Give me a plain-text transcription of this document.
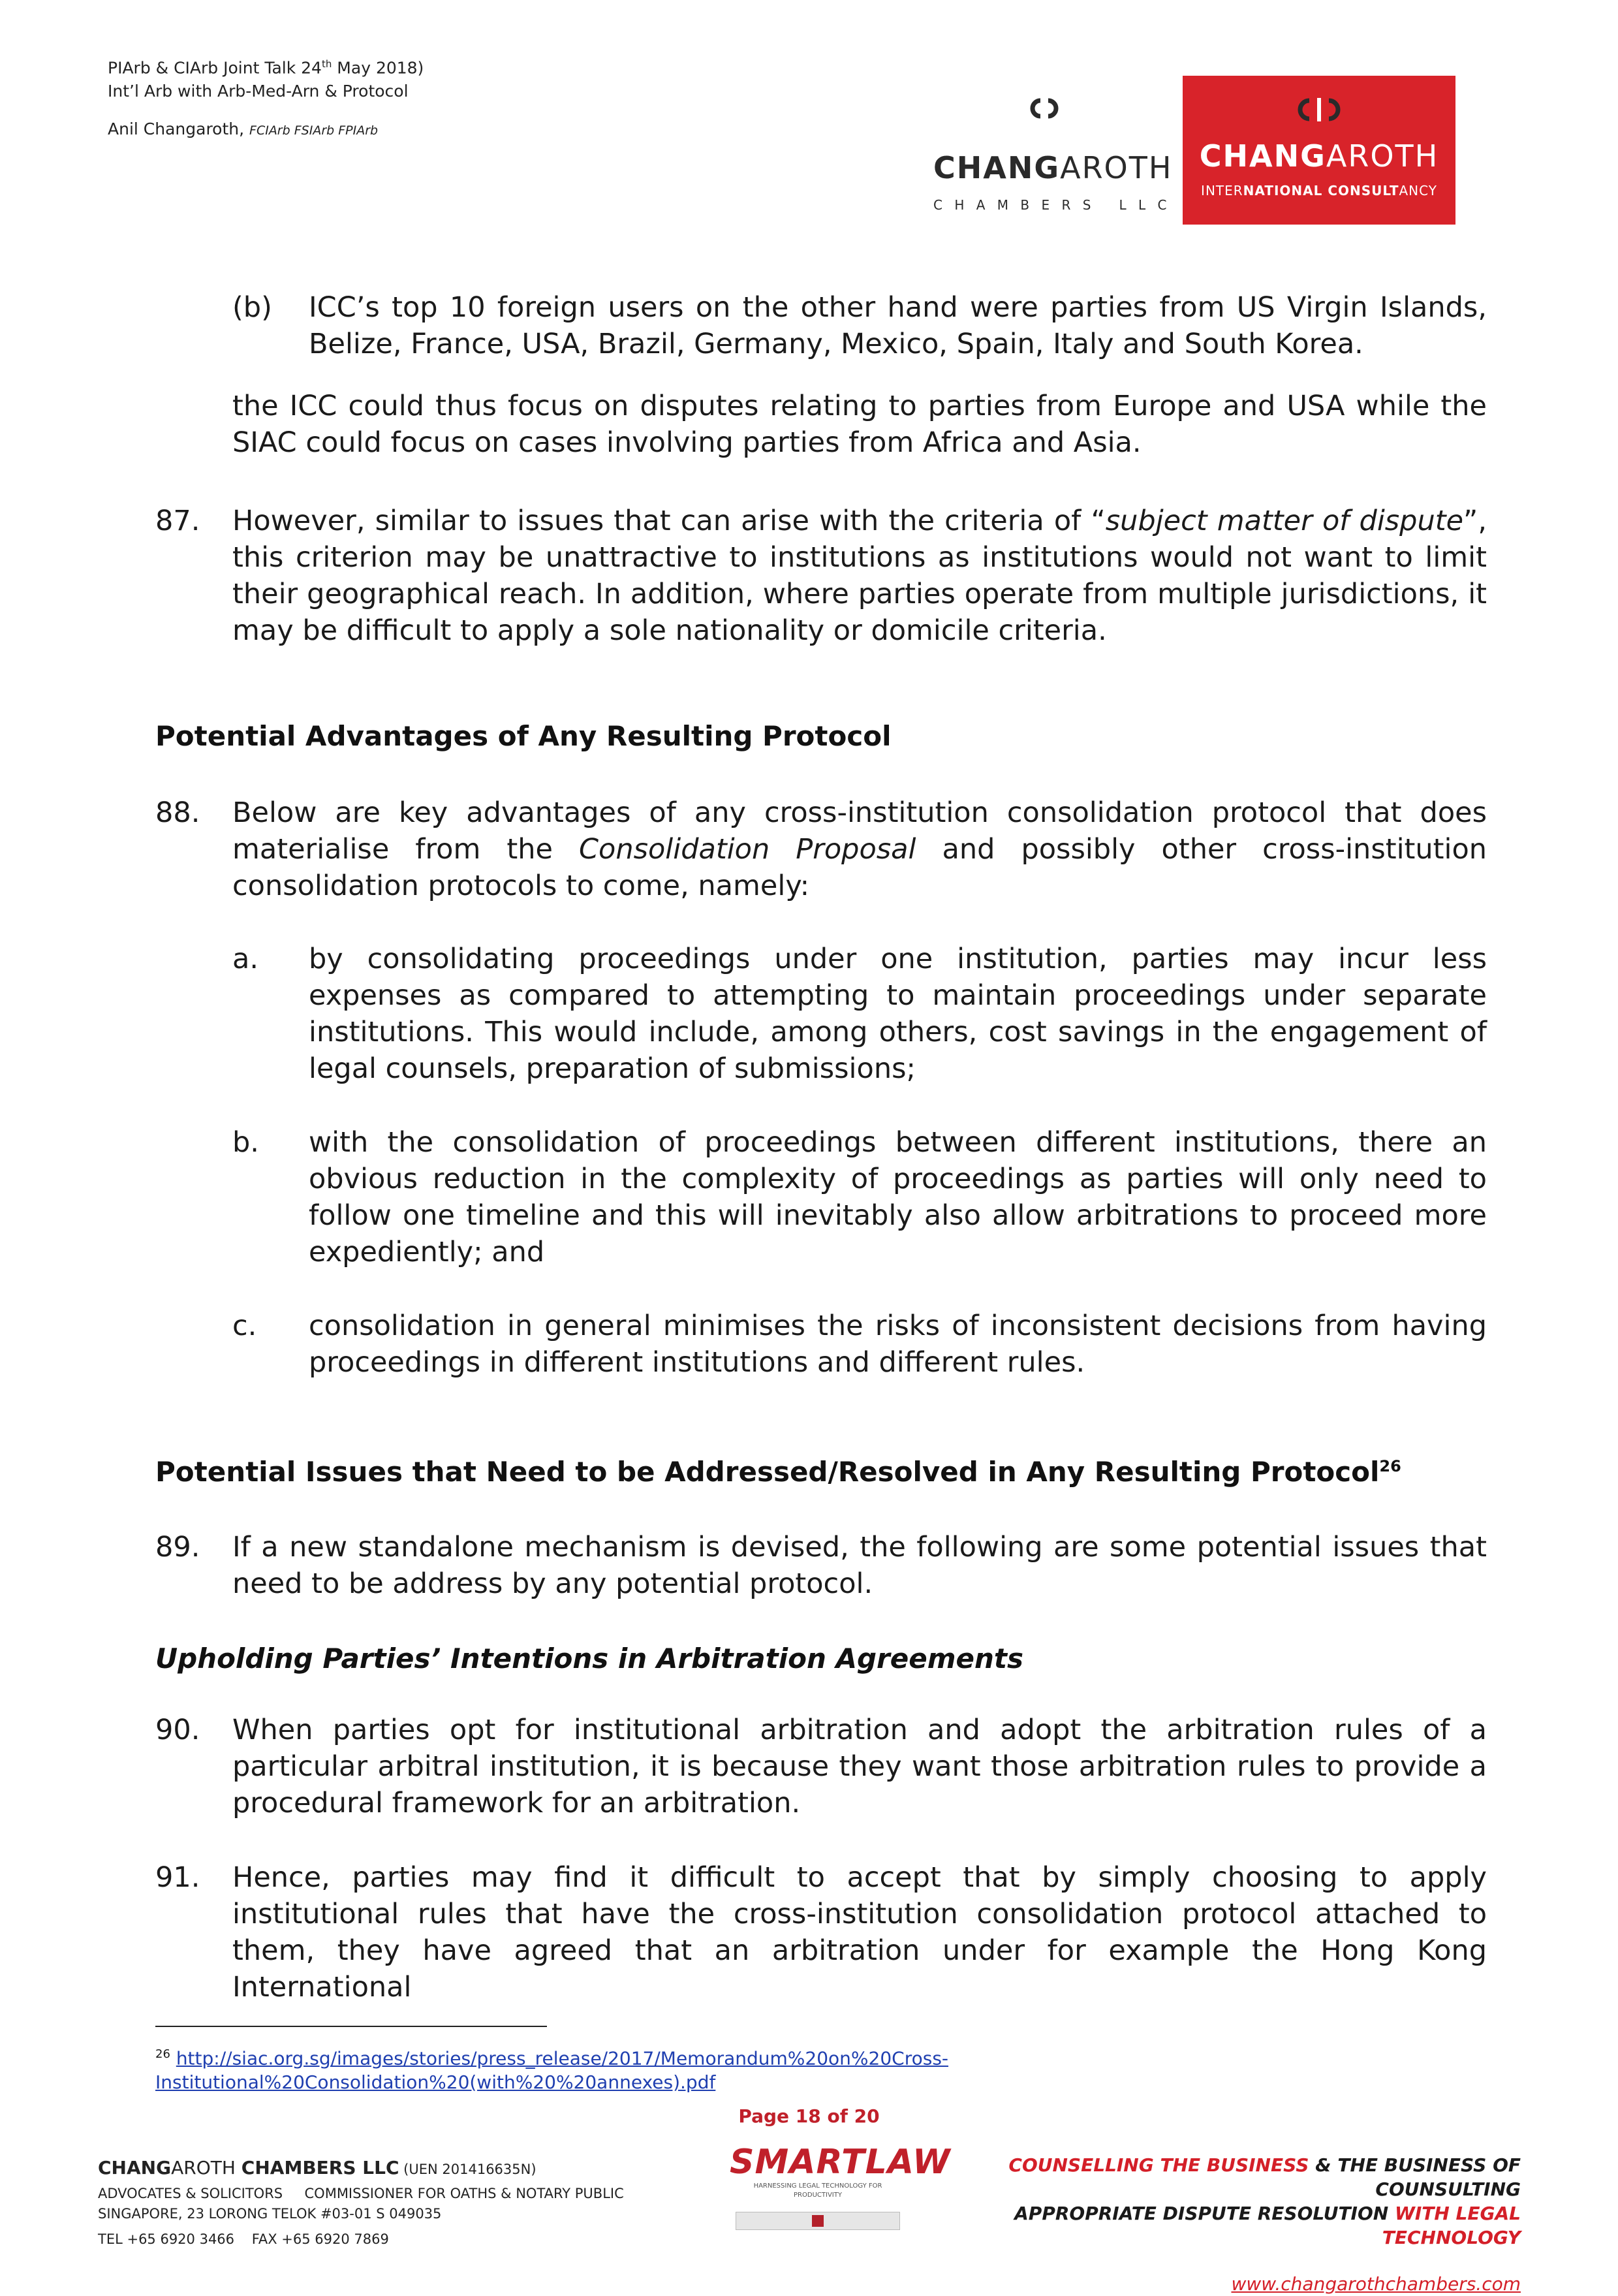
PIArb & CIArb Joint Talk 24th May 2018)
Int’l Arb with Arb-Med-Arn & Protocol
Anil Changaroth, FCIArb FSIArb FPIArb
CHANGAROTH
C H A M B E R S   L L C
CHANGAROTH
INTERNATIONAL CONSULTANCY
(b) ICC’s top 10 foreign users on the other hand were parties from US Virgin Islands, Belize, France, USA, Brazil, Germany, Mexico, Spain, Italy and South Korea.
the ICC could thus focus on disputes relating to parties from Europe and USA while the SIAC could focus on cases involving parties from Africa and Asia.
87. However, similar to issues that can arise with the criteria of “subject matter of dispute”, this criterion may be unattractive to institutions as institutions would not want to limit their geographical reach. In addition, where parties operate from multiple jurisdictions, it may be difficult to apply a sole nationality or domicile criteria.
Potential Advantages of Any Resulting Protocol
88. Below are key advantages of any cross-institution consolidation protocol that does materialise from the Consolidation Proposal and possibly other cross-institution consolidation protocols to come, namely:
a. by consolidating proceedings under one institution, parties may incur less expenses as compared to attempting to maintain proceedings under separate institutions. This would include, among others, cost savings in the engagement of legal counsels, preparation of submissions;
b. with the consolidation of proceedings between different institutions, there an obvious reduction in the complexity of proceedings as parties will only need to follow one timeline and this will inevitably also allow arbitrations to proceed more expediently; and
c. consolidation in general minimises the risks of inconsistent decisions from having proceedings in different institutions and different rules.
Potential Issues that Need to be Addressed/Resolved in Any Resulting Protocol$^{26}$
89. If a new standalone mechanism is devised, the following are some potential issues that need to be address by any potential protocol.
Upholding Parties’ Intentions in Arbitration Agreements
90. When parties opt for institutional arbitration and adopt the arbitration rules of a particular arbitral institution, it is because they want those arbitration rules to provide a procedural framework for an arbitration.
91. Hence, parties may find it difficult to accept that by simply choosing to apply institutional rules that have the cross-institution consolidation protocol attached to them, they have agreed that an arbitration under for example the Hong Kong International
$^{26}$ http://siac.org.sg/images/stories/press_release/2017/Memorandum%20on%20Cross-
Institutional%20Consolidation%20(with%20%20annexes).pdf
Page 18 of 20
CHANGAROTH CHAMBERS LLC (UEN 201416635N)
ADVOCATES & SOLICITORS     COMMISSIONER FOR OATHS & NOTARY PUBLIC
SINGAPORE, 23 LORONG TELOK #03-01 S 049035
TEL +65 6920 3466    FAX +65 6920 7869
SMARTLAW
HARNESSING LEGAL TECHNOLOGY FOR PRODUCTIVITY
COUNSELLING THE BUSINESS & THE BUSINESS OF COUNSULTING
APPROPRIATE DISPUTE RESOLUTION WITH LEGAL TECHNOLOGY
www.changarothchambers.com
